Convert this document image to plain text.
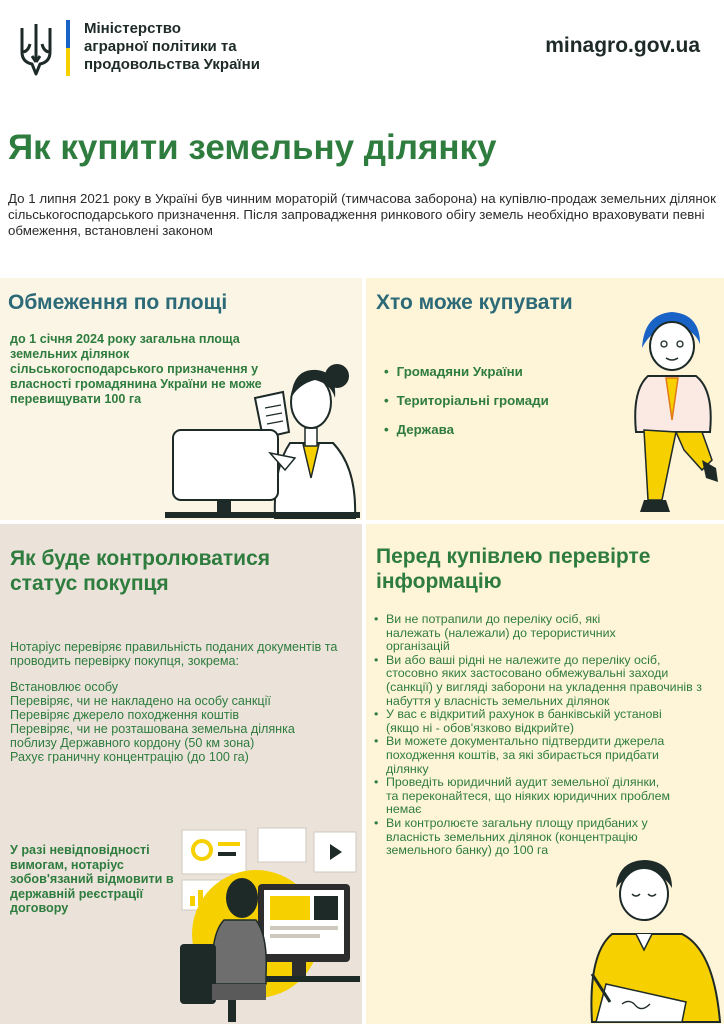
Міністерство
аграрної політики та
продовольства України
minagro.gov.ua
Як купити земельну ділянку
До 1 липня 2021 року в Україні був чинним мораторій (тимчасова заборона) на купівлю-продаж земельних ділянок сільськогосподарського призначення. Після запровадження ринкового обігу земель необхідно враховувати певні обмеження, встановлені законом
Обмеження по площі
до 1 січня 2024 року загальна площа земельних ділянок сільськогосподарського призначення у власності громадянина України не може перевищувати 100 га
Хто може купувати
• Громадяни України
• Територіальні громади
• Держава
Як буде контролюватися
статус покупця
Нотаріус перевіряє правильність поданих документів та проводить перевірку покупця, зокрема:
Встановлює особу
Перевіряє, чи не накладено на особу санкції
Перевіряє джерело походження коштів
Перевіряє, чи не розташована земельна ділянка поблизу Державного кордону (50 км зона)
Рахує граничну концентрацію (до 100 га)
У разі невідповідності вимогам, нотаріус зобов'язаний відмовити в державній реєстрації договору
Перед купівлею перевірте
інформацію
• Ви не потрапили до переліку осіб, які належать (належали) до терористичних організацій
• Ви або ваші рідні не належите до переліку осіб, стосовно яких застосовано обмежувальні заходи (санкції) у вигляді заборони на укладення правочинів з набуття у власність земельних ділянок
• У вас є відкритий рахунок в банківській установі (якщо ні - обов'язково відкрийте)
• Ви можете документально підтвердити джерела походження коштів, за які збирається придбати ділянку
• Проведіть юридичний аудит земельної ділянки, та переконайтеся, що ніяких юридичних проблем немає
• Ви контролюєте загальну площу придбаних у власність земельних ділянок (концентрацію земельного банку) до 100 га
